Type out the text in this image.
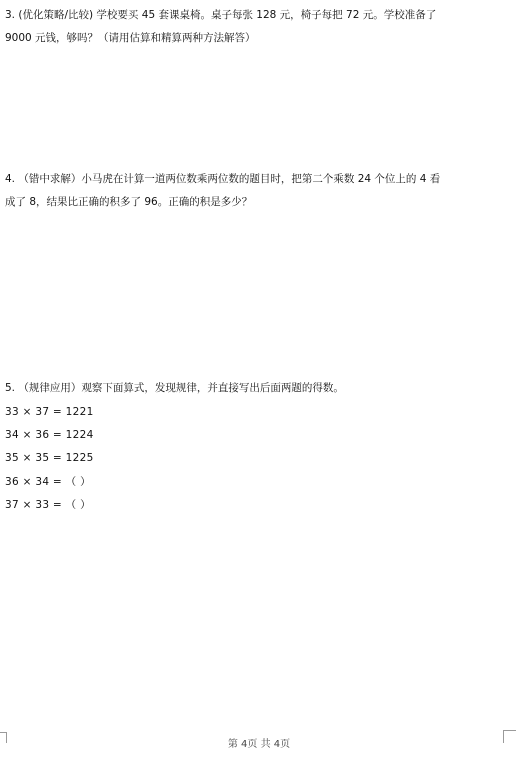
3. (优化策略/比较) 学校要买 45 套课桌椅。桌子每张 128 元，椅子每把 72 元。学校准备了
9000 元钱，够吗？（请用估算和精算两种方法解答）
4. （错中求解）小马虎在计算一道两位数乘两位数的题目时，把第二个乘数 24 个位上的 4 看
成了 8，结果比正确的积多了 96。正确的积是多少？
5. （规律应用）观察下面算式，发现规律，并直接写出后面两题的得数。
33 × 37 = 1221
34 × 36 = 1224
35 × 35 = 1225
36 × 34 = （ ）
37 × 33 = （ ）
第 4页 共 4页
